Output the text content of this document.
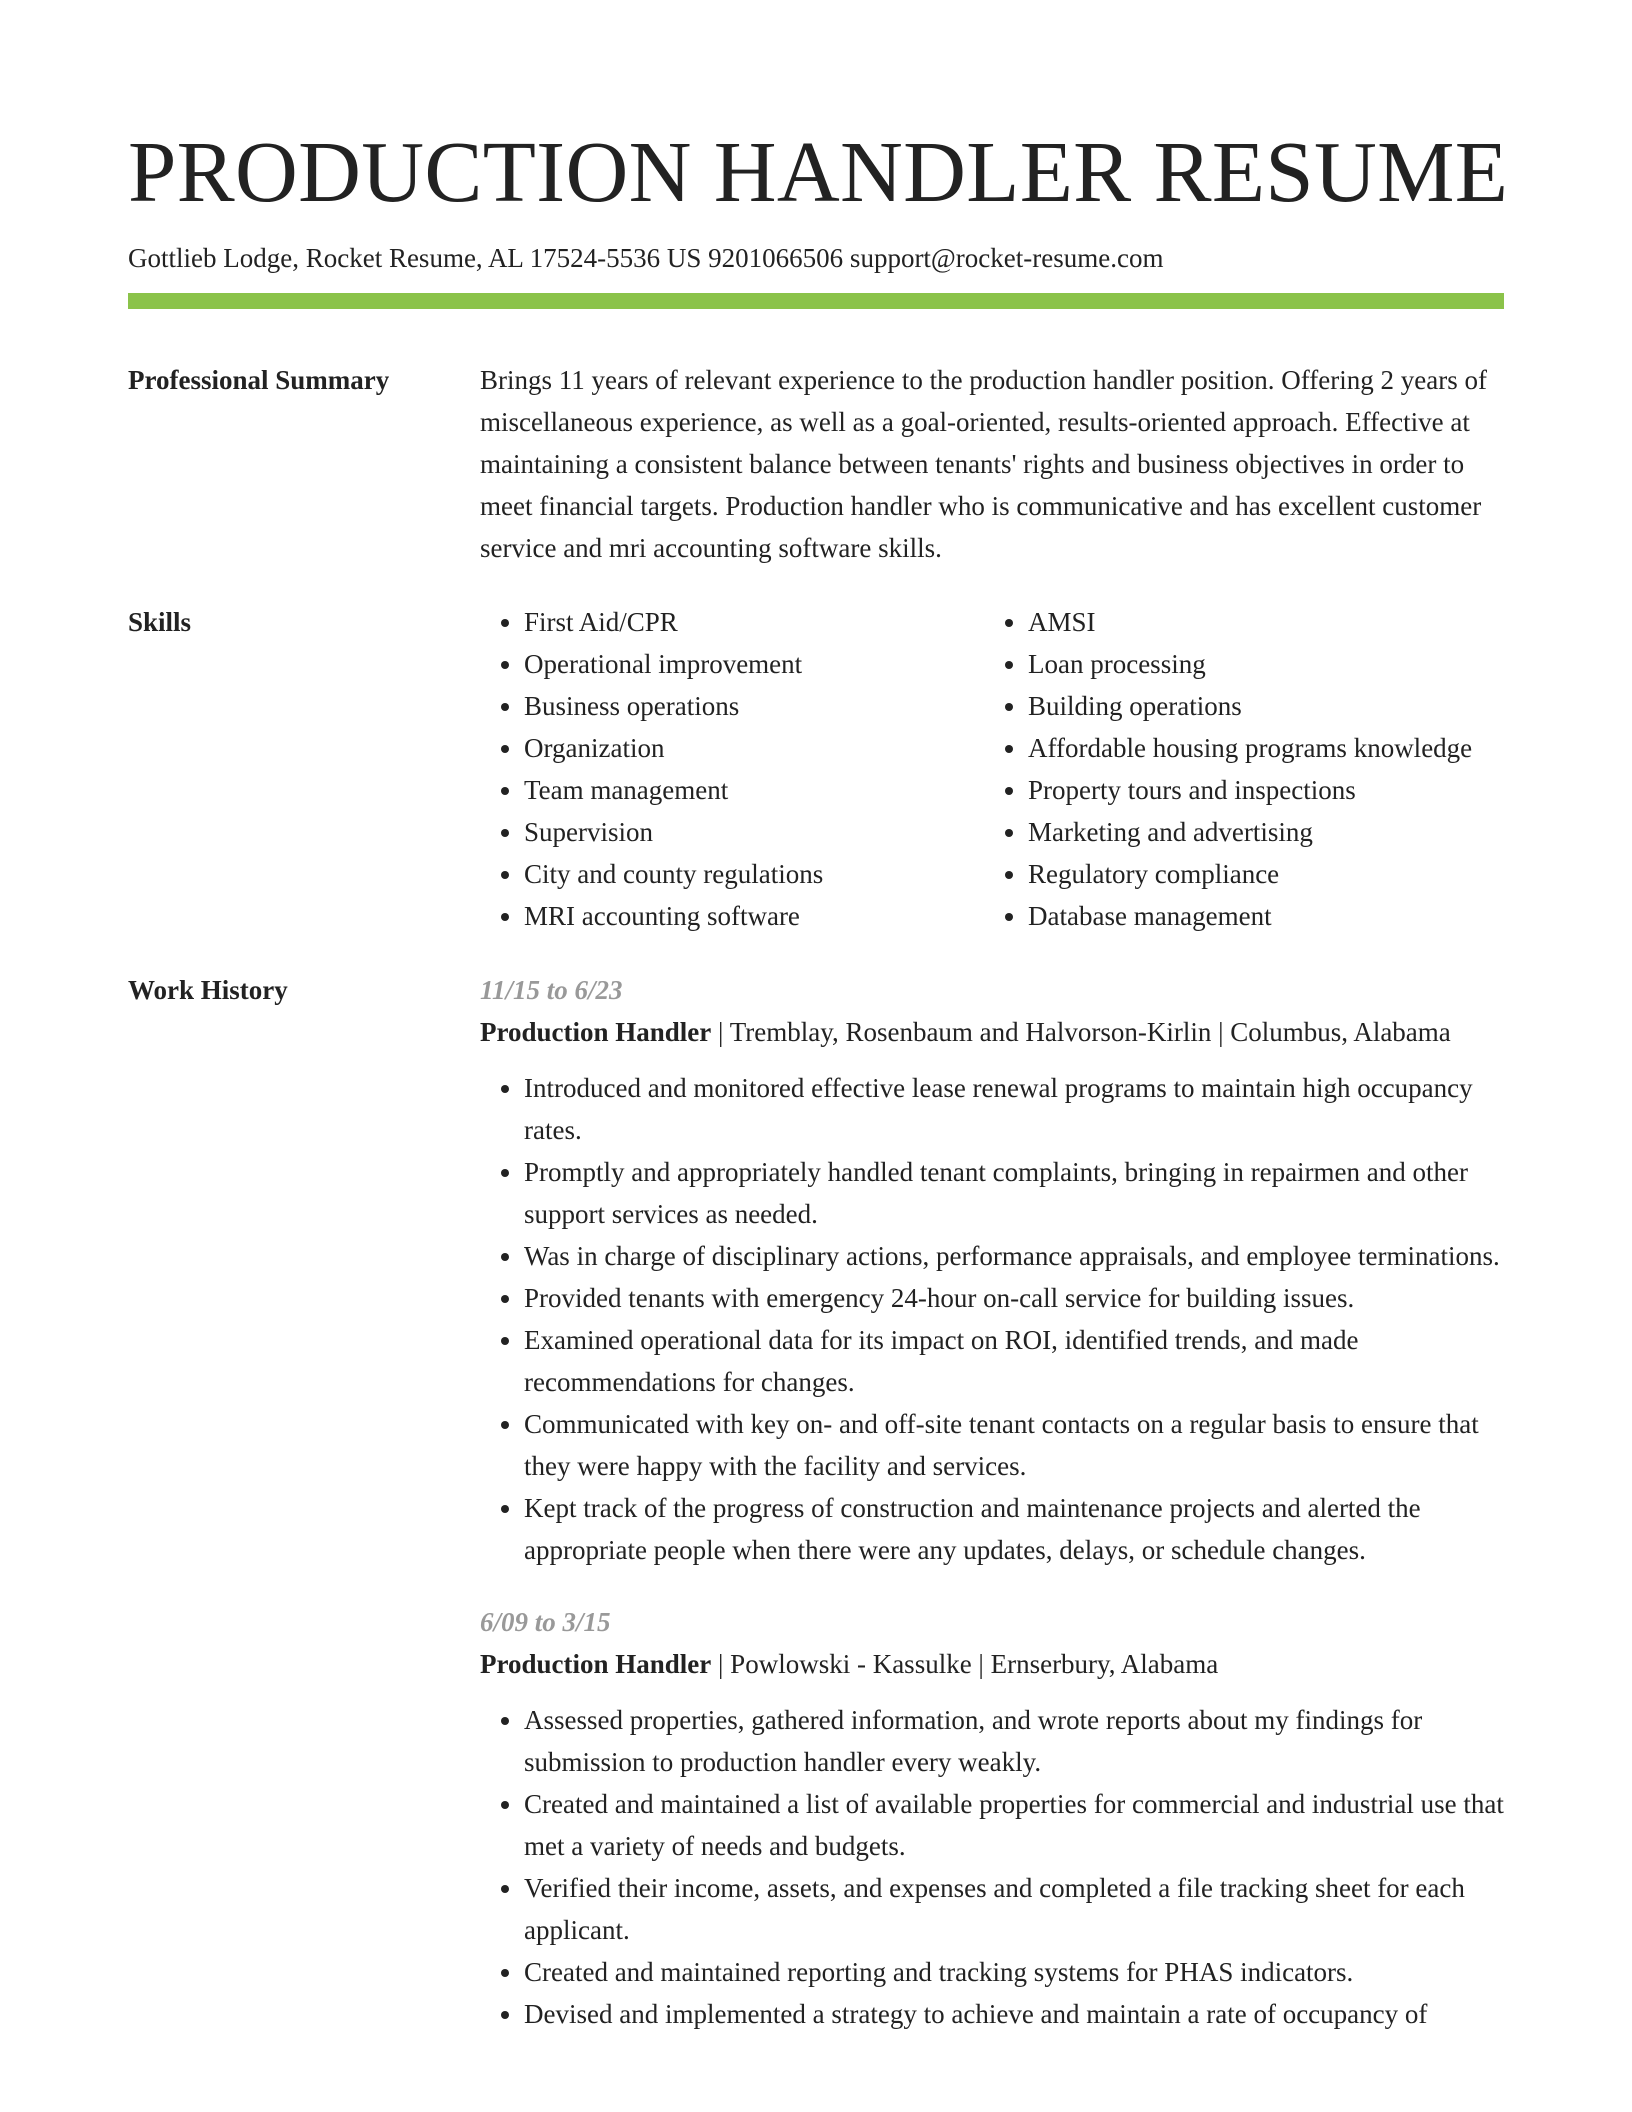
PRODUCTION HANDLER RESUME
Gottlieb Lodge, Rocket Resume, AL 17524-5536 US 9201066506 support@rocket-resume.com
Professional Summary	Brings 11 years of relevant experience to the production handler position. Offering 2 years of miscellaneous experience, as well as a goal-oriented, results-oriented approach. Effective at maintaining a consistent balance between tenants' rights and business objectives in order to meet financial targets. Production handler who is communicative and has excellent customer service and mri accounting software skills.

Skills
•	First Aid/CPR
• Operational improvement
• Business operations
• Organization
• Team management
• Supervision
• City and county regulations
• MRI accounting software
• AMSI
• Loan processing
• Building operations
• Affordable housing programs knowledge
• Property tours and inspections
• Marketing and advertising
• Regulatory compliance
• Database management
Work History	11/15 to 6/23
Production Handler | Tremblay, Rosenbaum and Halvorson-Kirlin | Columbus, Alabama
• Introduced and monitored effective lease renewal programs to maintain high occupancy rates.
• Promptly and appropriately handled tenant complaints, bringing in repairmen and other support services as needed.
• Was in charge of disciplinary actions, performance appraisals, and employee terminations.
• Provided tenants with emergency 24-hour on-call service for building issues.
• Examined operational data for its impact on ROI, identified trends, and made recommendations for changes.
• Communicated with key on- and off-site tenant contacts on a regular basis to ensure that they were happy with the facility and services.
• Kept track of the progress of construction and maintenance projects and alerted the appropriate people when there were any updates, delays, or schedule changes.
6/09 to 3/15
Production Handler | Powlowski - Kassulke | Ernserbury, Alabama
• Assessed properties, gathered information, and wrote reports about my findings for submission to production handler every weakly.
• Created and maintained a list of available properties for commercial and industrial use that met a variety of needs and budgets.
• Verified their income, assets, and expenses and completed a file tracking sheet for each applicant.
• Created and maintained reporting and tracking systems for PHAS indicators.
• Devised and implemented a strategy to achieve and maintain a rate of occupancy of
